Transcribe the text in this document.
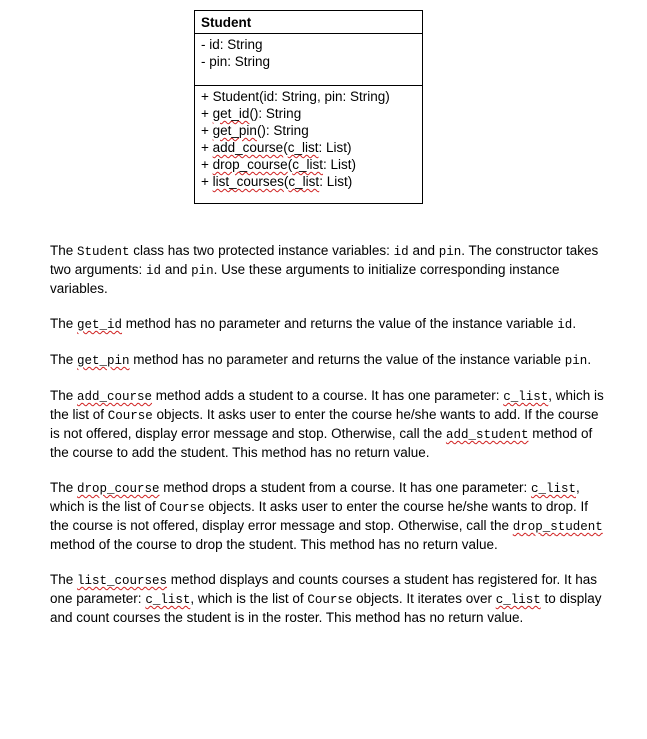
Student
- id: String
- pin: String
+ Student(id: String, pin: String)
+ get_id(): String
+ get_pin(): String
+ add_course(c_list: List)
+ drop_course(c_list: List)
+ list_courses(c_list: List)

The Student class has two protected instance variables: id and pin. The constructor takes two arguments: id and pin. Use these arguments to initialize corresponding instance variables.

The get_id method has no parameter and returns the value of the instance variable id.

The get_pin method has no parameter and returns the value of the instance variable pin.

The add_course method adds a student to a course. It has one parameter: c_list, which is the list of Course objects. It asks user to enter the course he/she wants to add. If the course is not offered, display error message and stop. Otherwise, call the add_student method of the course to add the student. This method has no return value.

The drop_course method drops a student from a course. It has one parameter: c_list, which is the list of Course objects. It asks user to enter the course he/she wants to drop. If the course is not offered, display error message and stop. Otherwise, call the drop_student method of the course to drop the student. This method has no return value.

The list_courses method displays and counts courses a student has registered for. It has one parameter: c_list, which is the list of Course objects. It iterates over c_list to display and count courses the student is in the roster. This method has no return value.
